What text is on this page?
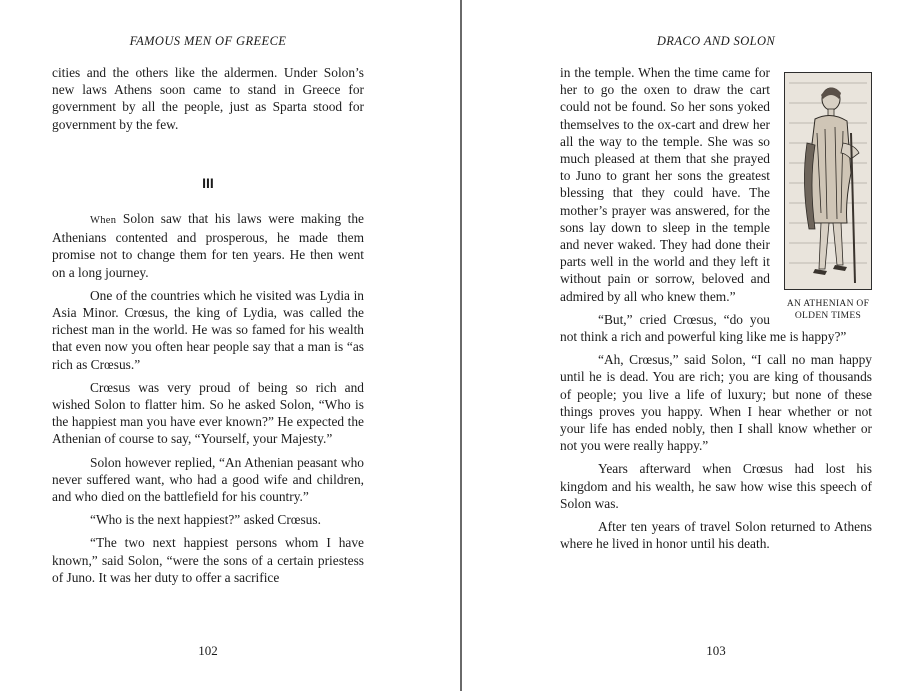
FAMOUS MEN OF GREECE

cities and the others like the aldermen. Under Solon’s new laws Athens soon came to stand in Greece for government by all the people, just as Sparta stood for government by the few.

III

When Solon saw that his laws were making the Athenians contented and prosperous, he made them promise not to change them for ten years. He then went on a long journey.

One of the countries which he visited was Lydia in Asia Minor. Crœsus, the king of Lydia, was called the richest man in the world. He was so famed for his wealth that even now you often hear people say that a man is “as rich as Crœsus.”

Crœsus was very proud of being so rich and wished Solon to flatter him. So he asked Solon, “Who is the happiest man you have ever known?” He expected the Athenian of course to say, “Yourself, your Majesty.”

Solon however replied, “An Athenian peasant who never suffered want, who had a good wife and children, and who died on the battlefield for his country.”

“Who is the next happiest?” asked Crœsus.

“The two next happiest persons whom I have known,” said Solon, “were the sons of a certain priestess of Juno. It was her duty to offer a sacrifice

102
DRACO AND SOLON
AN ATHENIAN OF OLDEN TIMES

in the temple. When the time came for her to go the oxen to draw the cart could not be found. So her sons yoked themselves to the ox-cart and drew her all the way to the temple. She was so much pleased at them that she prayed to Juno to grant her sons the greatest blessing that they could have. The mother’s prayer was answered, for the sons lay down to sleep in the temple and never waked. They had done their parts well in the world and they left it without pain or sorrow, beloved and admired by all who knew them.”

“But,” cried Crœsus, “do you not think a rich and powerful king like me is happy?”

“Ah, Crœsus,” said Solon, “I call no man happy until he is dead. You are rich; you are king of thousands of people; you live a life of luxury; but none of these things proves you happy. When I hear whether or not your life has ended nobly, then I shall know whether or not you were really happy.”

Years afterward when Crœsus had lost his kingdom and his wealth, he saw how wise this speech of Solon was.

After ten years of travel Solon returned to Athens where he lived in honor until his death.

103
